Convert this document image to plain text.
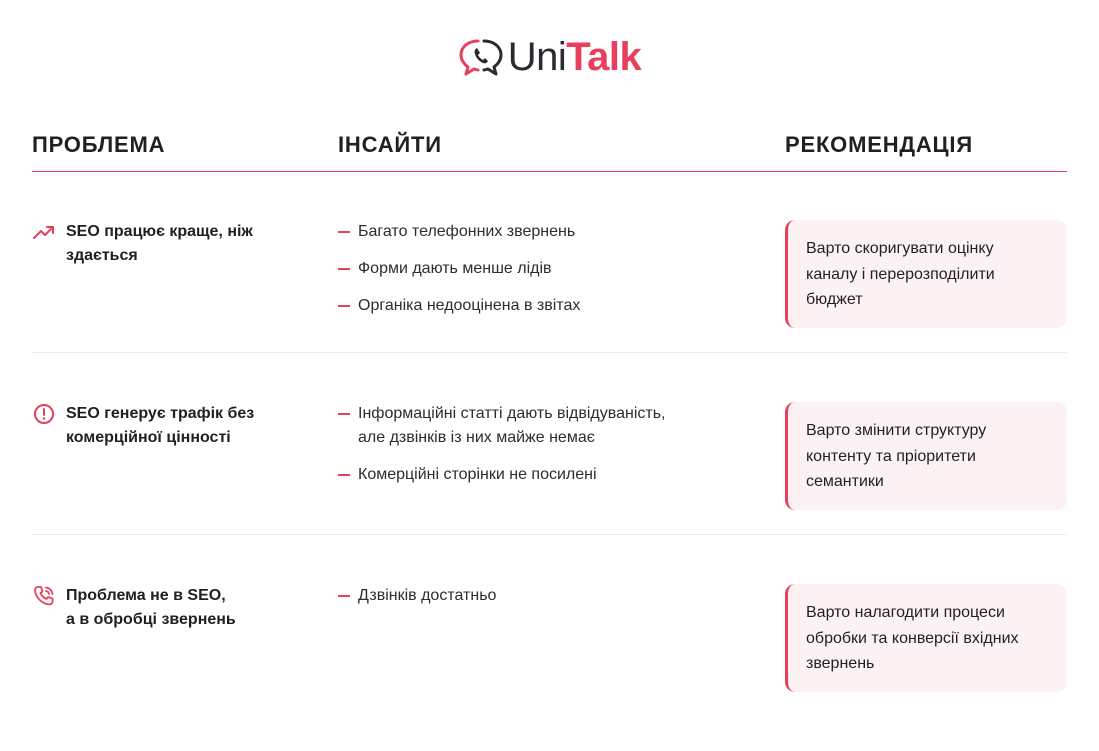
UniTalk
ПРОБЛЕМА	ІНСАЙТИ	РЕКОМЕНДАЦІЯ
SEO працює краще, ніж
здається
Багато телефонних звернень
Форми дають менше лідів
Органіка недооцінена в звітах
Варто скоригувати оцінку каналу і перерозподілити бюджет
SEO генерує трафік без
комерційної цінності
Інформаційні статті дають відвідуваність,
але дзвінків із них майже немає
Комерційні сторінки не посилені
Варто змінити структуру контенту та пріоритети семантики
Проблема не в SEO,
а в обробці звернень
Дзвінків достатньо
Варто налагодити процеси обробки та конверсії вхідних звернень
